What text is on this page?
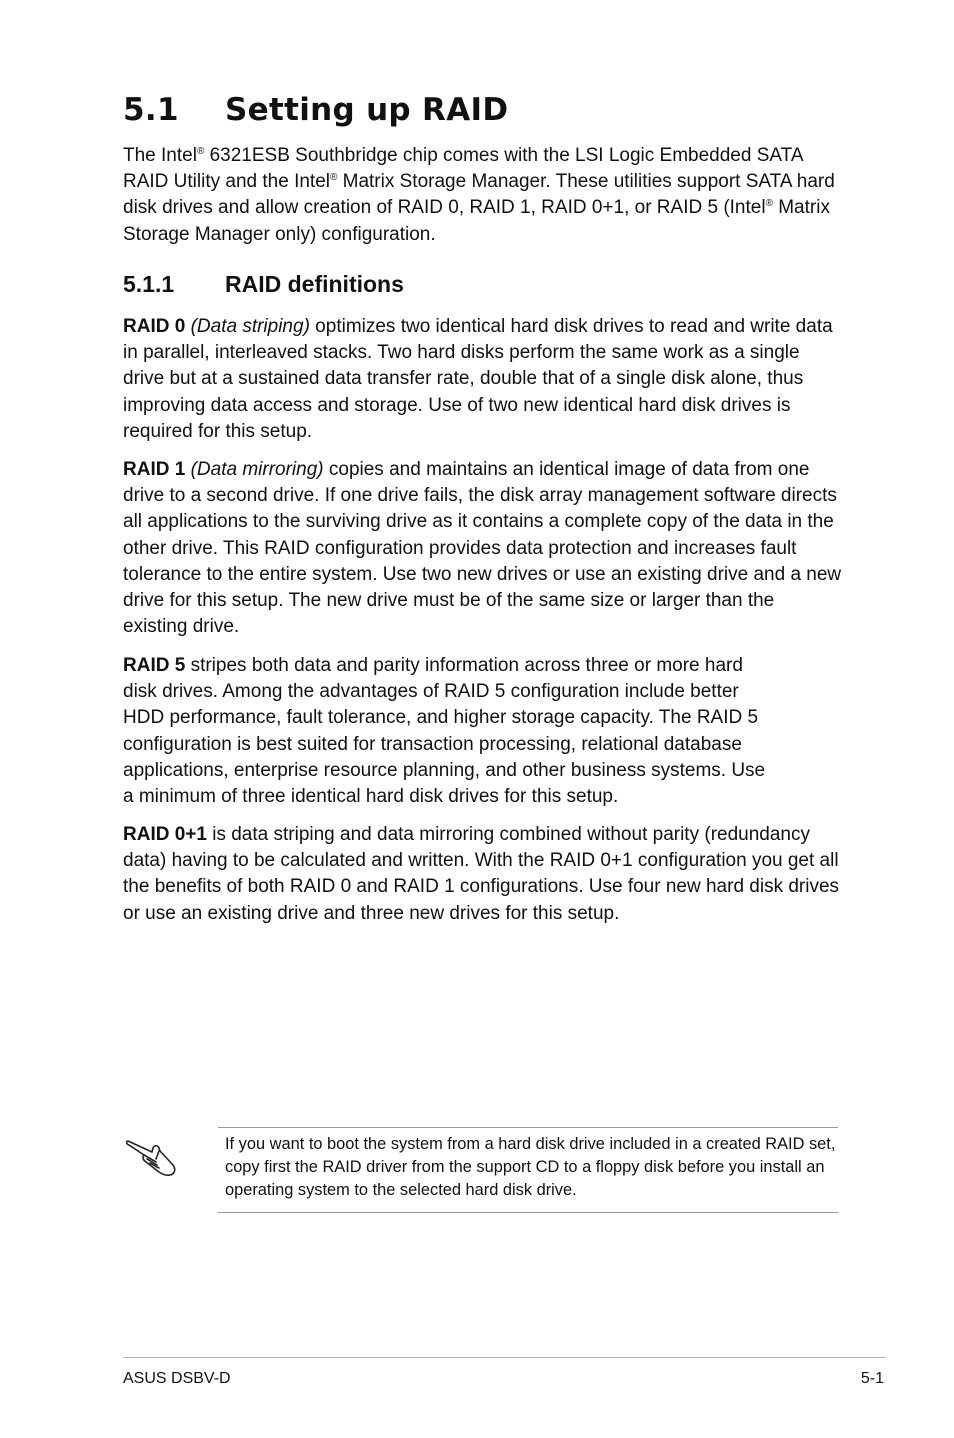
5.1 Setting up RAID

The Intel® 6321ESB Southbridge chip comes with the LSI Logic Embedded SATA RAID Utility and the Intel® Matrix Storage Manager. These utilities support SATA hard disk drives and allow creation of RAID 0, RAID 1, RAID 0+1, or RAID 5 (Intel® Matrix Storage Manager only) configuration.

5.1.1 RAID definitions

RAID 0 (Data striping) optimizes two identical hard disk drives to read and write data in parallel, interleaved stacks. Two hard disks perform the same work as a single drive but at a sustained data transfer rate, double that of a single disk alone, thus improving data access and storage. Use of two new identical hard disk drives is required for this setup.

RAID 1 (Data mirroring) copies and maintains an identical image of data from one drive to a second drive. If one drive fails, the disk array management software directs all applications to the surviving drive as it contains a complete copy of the data in the other drive. This RAID configuration provides data protection and increases fault tolerance to the entire system. Use two new drives or use an existing drive and a new drive for this setup. The new drive must be of the same size or larger than the existing drive.

RAID 5 stripes both data and parity information across three or more hard disk drives. Among the advantages of RAID 5 configuration include better HDD performance, fault tolerance, and higher storage capacity. The RAID 5 configuration is best suited for transaction processing, relational database applications, enterprise resource planning, and other business systems. Use a minimum of three identical hard disk drives for this setup.

RAID 0+1 is data striping and data mirroring combined without parity (redundancy data) having to be calculated and written. With the RAID 0+1 configuration you get all the benefits of both RAID 0 and RAID 1 configurations. Use four new hard disk drives or use an existing drive and three new drives for this setup.

If you want to boot the system from a hard disk drive included in a created RAID set, copy first the RAID driver from the support CD to a floppy disk before you install an operating system to the selected hard disk drive.

ASUS DSBV-D	5-1
